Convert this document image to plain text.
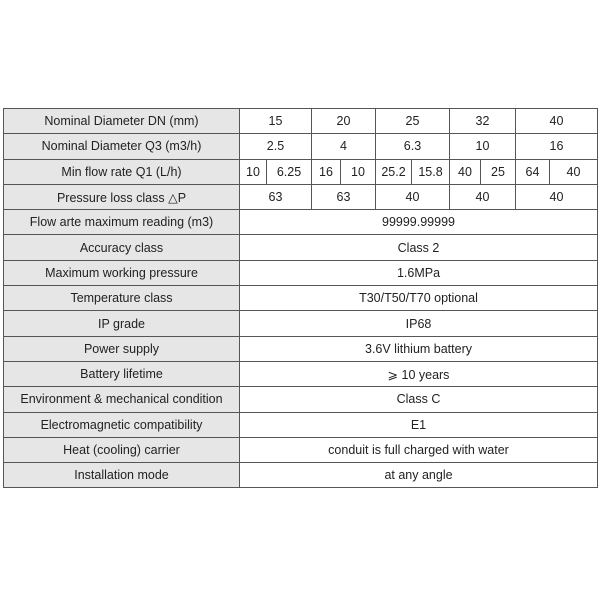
Nominal Diameter DN (mm)	15		20		25		32		40	
Nominal Diameter Q3 (m3/h)	2.5		4		6.3		10		16	
Min flow rate Q1 (L/h)	10	6.25	16	10	25.2	15.8	40	25	64	40
Pressure loss class △P	63		63		40		40		40	
Flow arte maximum reading (m3)	99999.99999									
Accuracy class	Class 2									
Maximum working pressure	1.6MPa									
Temperature class	T30/T50/T70 optional									
IP grade	IP68									
Power supply	3.6V lithium battery									
Battery lifetime	⩾ 10 years									
Environment & mechanical condition	Class C									
Electromagnetic compatibility	E1									
Heat (cooling) carrier	conduit is full charged with water									
Installation mode	at any angle									
